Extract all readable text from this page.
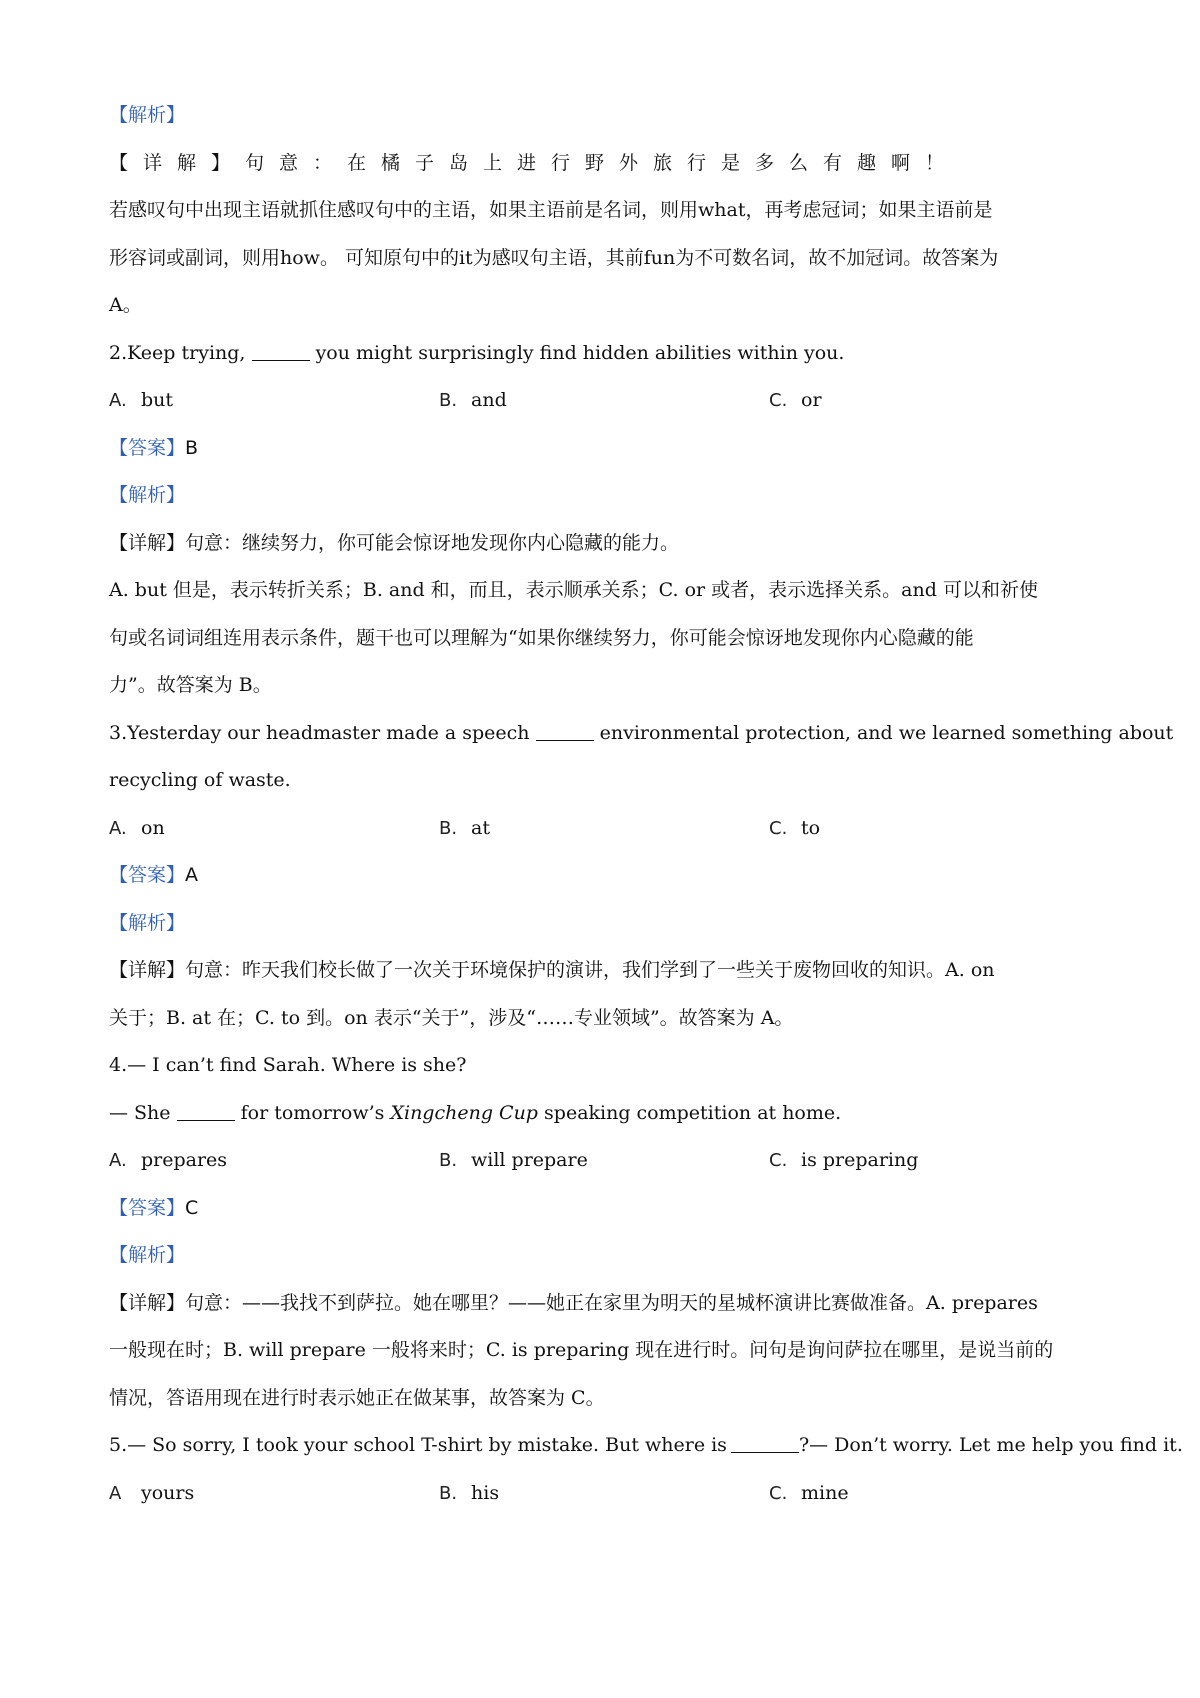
【解析】
【详解】句意：在橘子岛上进行野外旅行是多么有趣啊！
若感叹句中出现主语就抓住感叹句中的主语，如果主语前是名词，则用what，再考虑冠词；如果主语前是
形容词或副词，则用how。 可知原句中的it为感叹句主语，其前fun为不可数名词，故不加冠词。故答案为
A。
2.Keep trying,	you might surprisingly find hidden abilities within you.
A. but	B. and	C. or
【答案】B
【解析】
【详解】句意：继续努力，你可能会惊讶地发现你内心隐藏的能力。
A. but 但是，表示转折关系；B. and 和，而且，表示顺承关系；C. or 或者，表示选择关系。and 可以和祈使
句或名词词组连用表示条件，题干也可以理解为“如果你继续努力，你可能会惊讶地发现你内心隐藏的能
力”。故答案为 B。
3.Yesterday our headmaster made a speech	environmental protection, and we learned something about
recycling of waste.
A. on	B. at	C. to
【答案】A
【解析】
【详解】句意：昨天我们校长做了一次关于环境保护的演讲，我们学到了一些关于废物回收的知识。A. on
关于；B. at 在；C. to 到。on 表示“关于”，涉及“……专业领域”。故答案为 A。
4.— I can’t find Sarah. Where is she?
— She	for tomorrow’s Xingcheng Cup speaking competition at home.
A. prepares	B. will prepare	C. is preparing
【答案】C
【解析】
【详解】句意：——我找不到萨拉。她在哪里？——她正在家里为明天的星城杯演讲比赛做准备。A. prepares
一般现在时；B. will prepare 一般将来时；C. is preparing 现在进行时。问句是询问萨拉在哪里，是说当前的
情况，答语用现在进行时表示她正在做某事，故答案为 C。
5.— So sorry, I took your school T-shirt by mistake. But where is	?— Don’t worry. Let me help you find it.
A yours	B. his	C. mine
